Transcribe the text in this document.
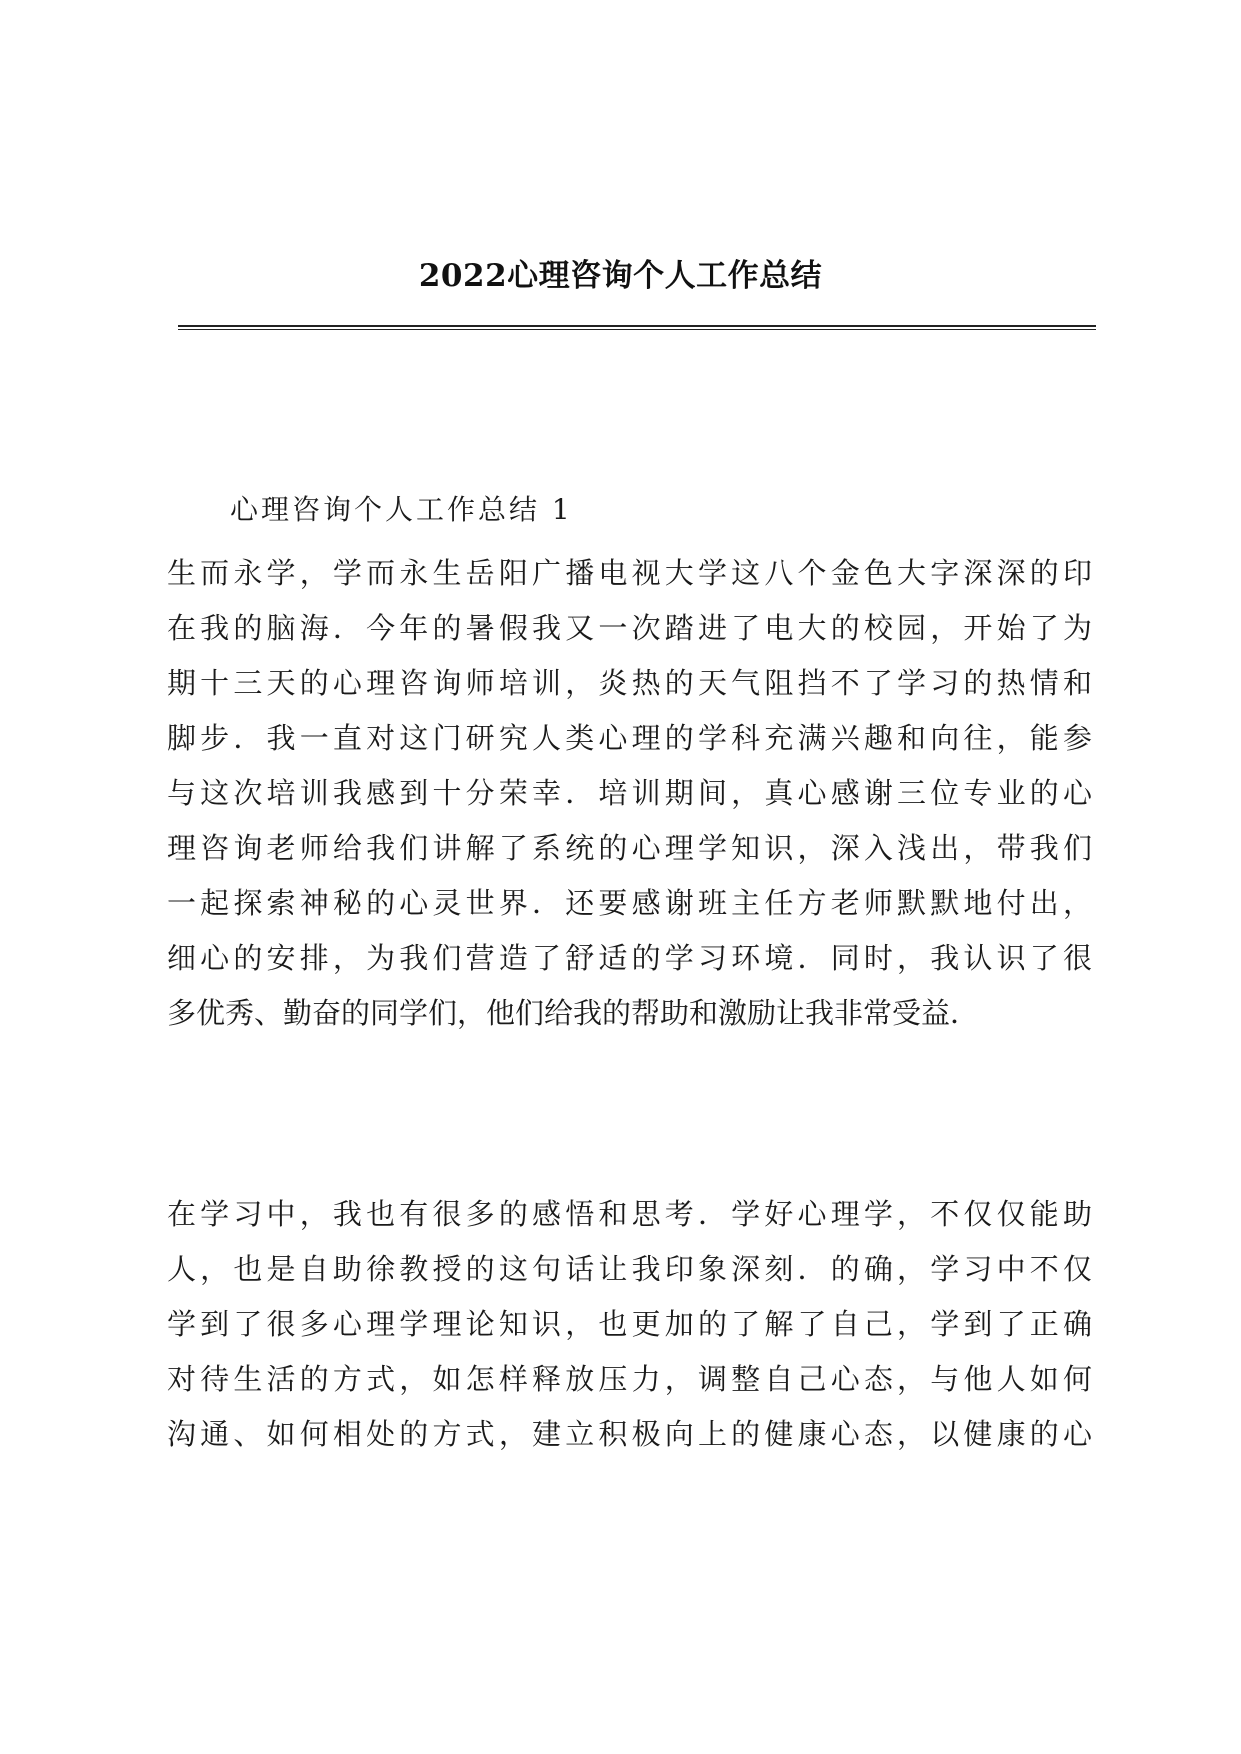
2022心理咨询个人工作总结
心理咨询个人工作总结 1

生而永学，学而永生岳阳广播电视大学这八个金色大字深深的印
在我的脑海．今年的暑假我又一次踏进了电大的校园，开始了为
期十三天的心理咨询师培训，炎热的天气阻挡不了学习的热情和
脚步．我一直对这门研究人类心理的学科充满兴趣和向往，能参
与这次培训我感到十分荣幸．培训期间，真心感谢三位专业的心
理咨询老师给我们讲解了系统的心理学知识，深入浅出，带我们
一起探索神秘的心灵世界．还要感谢班主任方老师默默地付出，
细心的安排，为我们营造了舒适的学习环境．同时，我认识了很
多优秀、勤奋的同学们，他们给我的帮助和激励让我非常受益．

在学习中，我也有很多的感悟和思考．学好心理学，不仅仅能助
人，也是自助徐教授的这句话让我印象深刻．的确，学习中不仅
学到了很多心理学理论知识，也更加的了解了自己，学到了正确
对待生活的方式，如怎样释放压力，调整自己心态，与他人如何
沟通、如何相处的方式，建立积极向上的健康心态，以健康的心
